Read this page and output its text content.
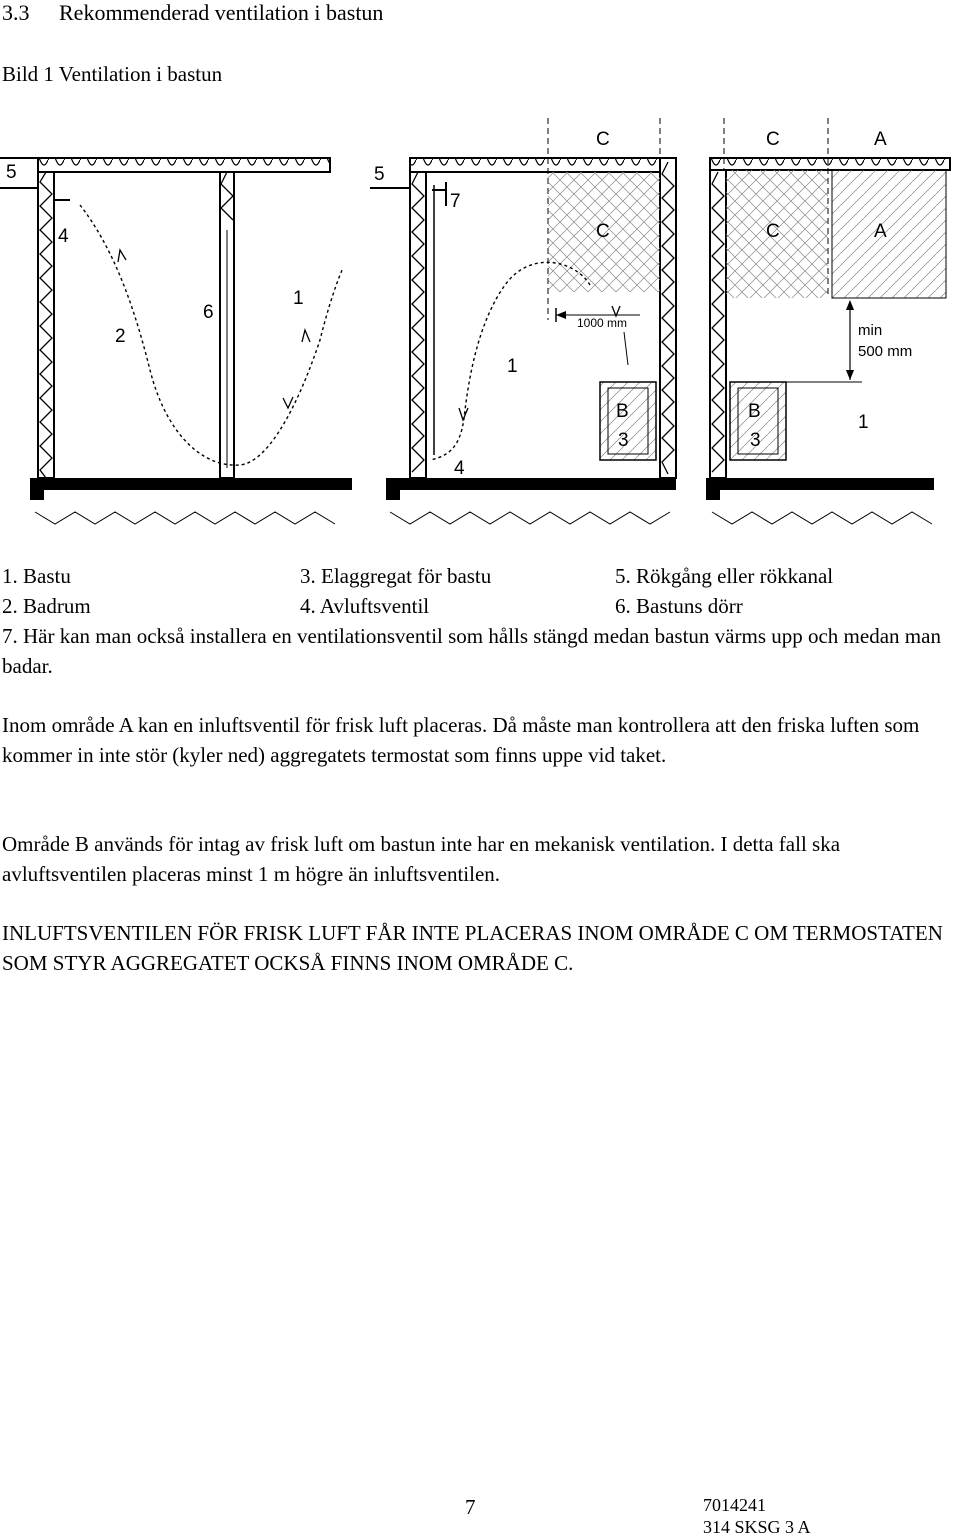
3.3 Rekommenderad ventilation i bastun
Bild 1 Ventilation i bastun
5
4
2
6
1
5
7
C
C
1000 mm
1
B
3
4
C	A
C	A
min
500 mm
B
3
1
1. Bastu
2. Badrum
3. Elaggregat för bastu
4. Avluftsventil
5. Rökgång eller rökkanal
6. Bastuns dörr

7. Här kan man också installera en ventilationsventil som hålls stängd medan bastun värms upp och medan man badar.

Inom område A kan en inluftsventil för frisk luft placeras. Då måste man kontrollera att den friska luften som kommer in inte stör (kyler ned) aggregatets termostat som finns uppe vid taket.

Område B används för intag av frisk luft om bastun inte har en mekanisk ventilation. I detta fall ska avluftsventilen placeras minst 1 m högre än inluftsventilen.

INLUFTSVENTILEN FÖR FRISK LUFT FÅR INTE PLACERAS INOM OMRÅDE C OM TERMOSTATEN SOM STYR AGGREGATET OCKSÅ FINNS INOM OMRÅDE C.

7	7014241
314 SKSG 3 A
